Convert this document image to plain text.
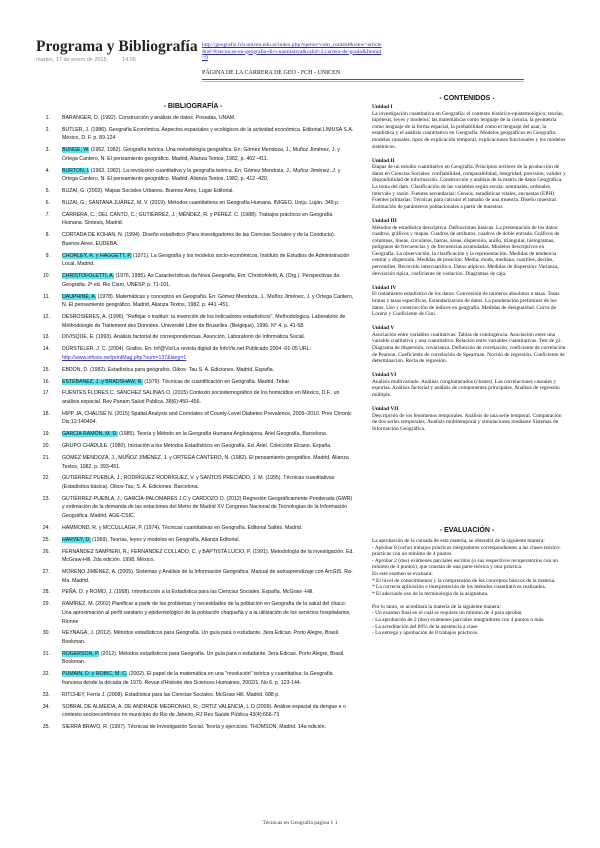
Programa y Bibliografía
martes, 17 de enero de 2015	14:05
http://geografia.fch.unicen.edu.ar/index.php?option=com_content&view=article&id=8:tecnicas-en-geografia-dir-cuantitativa&catid=2:carrera-de-grado&Itemid=9
PÁGINA DE LA CARRERA DE GEO - FCH - UNICEN
- BIBLIOGRAFÍA -
1. BARANGER, D. (1992). Construcción y análisis de datos. Posadas, UNAM.
2. BUTLER, J. (1986). Geografía Económica. Aspectos espaciales y ecológicos de la actividad económica. Editorial LIMUSA S.A. México, D. F. p. 89-124
3. BUNGE, W. (1962, 1982). Geografía teórica. Una metodología geográfica. En: Gómez Mendoza, J., Muñoz Jiménez, J. y Ortega Cantero, N. El pensamiento geográfico. Madrid, Alianza Textos, 1982, p. 402 -411.
4. BURTON, I. (1963, 1982). La revolución cuantitativa y la geografía teórica. En: Gómez Mendoza, J., Muñoz Jiménez, J. y Ortega Cantero, N. El pensamiento geográfico. Madrid, Alianza Textos, 1982, p. 412 -420.
5. BUZAI, G. (2003). Mapas Sociales Urbanos. Buenos Aires, Lugar Editorial.
6. BUZAI, G.; SANTANA JUÁREZ, M. V. (2019). Métodos cuantitativos en Geografía Humana. INIGEO. Uniju. Luján. 349 p.
7. CARRERA, C.; DEL CANTO, C.; GUTIÉRREZ, J.; MÉNDEZ, R. y PÉREZ, C. (1988). Trabajos prácticos en Geografía Humana. Síntesis, Madrid.
8. CORTADA DE KOHAN, N. (1994). Diseño estadístico (Para investigadores de las Ciencias Sociales y de la Conducta). Buenos Aires, EUDEBA.
9. CHORLEY, R. y HAGGETT, P. (1971). La Geografía y los modelos socio-económicos, Instituto de Estudios de Administración Local, Madrid.
10. CHRISTOFOLETTI, A. (1976, 1985). As Características da Nova Geografia, Em: Christofoletti, A. (Org.). Perspectivas da Geografia. 2ª ed. Rio Claro, UNESP. p. 71-101.
11. DAUPHINÉ, A. (1978). Matemáticas y conceptos en Geografía. En: Gómez Mendoza, J., Muñoz Jiménez, J. y Ortega Cantero, N. El pensamiento geográfico. Madrid, Alianza Textos, 1982, p. 441 -451.
12. DESROSIÈRES, A. (1996). "Refléjar o instituir: la invención de los indicadores estadísticos", Methodologica. Laboratoire de Méthodologie du Traitement des Données. Université Libre de Bruxelles. (Belgique), 1996. N° 4, p. 41-58.
13. DIVISQUE, E. (1993). Análisis factorial de correspondencias. Asunción, Laboratorio de Informática Social.
14. DÜRSTELER, J. C. (2004). Grafos. En: Inf@Vis!La revista digital de InfoVis.net Publicado 2004 -01-05 URL: http://www.infovis.net/printMag.php?num=137&lang=1
15. EBDON, D. (1982). Estadística para geógrafos. Oikos- Tau S. A. Ediciones. Madrid, España.
16. ESTÉBANEZ, J. y BRADSHAW, R. (1979). Técnicas de cuantificación en Geografía. Madrid, Tebar.
17. FUENTES FLORES C, SÁNCHEZ SALINAS O. (2015) Contexto sociodemográfico de los homicidios en México, D.F.: un análisis espacial. Rev Panam Salud Publica. 38(6):450–456.
18. HIPP JA, CHALISE N. (2015) Spatial Analysis and Correlates of County-Level Diabetes Prevalence, 2009–2010. Prev Chronic Dis;12:140404.
19. GARCÍA RAMÓN, M. D. (1985). Teoría y Método en la Geografía Humana Anglosajona. Ariel Geografía, Barcelona.
20. GRUPO CHADULE. (1980). Iniciación a los Métodos Estadísticos en Geografía. Ed. Ariel. Colección Elcano. España.
21. GÓMEZ MENDOZA, J., MUÑOZ JIMÉNEZ, J. y ORTEGA CANTERO, N. (1982). El pensamiento geográfico. Madrid, Alianza Textos, 1982, p. 393-451.
22. GUTIÉRREZ PUEBLA, J.; RODRÍGUEZ RODRÍGUEZ, V. y SANTOS PRECIADO, J. M. (1995). Técnicas cuantitativas (Estadística básica). Oikos-Tau, S. A. Ediciones. Barcelona.
23. GUTIÉRREZ-PUEBLA, J.; GARCÍA-PALOMARES J.C y CARDOZO O. (2012) Regresión Geográficamente Ponderada (GWR) y estimación de la demanda de las estaciones del Metro de Madrid XV Congreso Nacional de Tecnologías de la Información Geográfica. Madrid, AGE-CSIC.
24. HAMMOND, R. y MCCULLAGH, P. (1974). Técnicas cuantitativas en Geografía. Editorial Saltés. Madrid.
25. HARVEY, D. (1969). Teorías, leyes y modelos en Geografía, Alianza Editorial.
26. FERNÁNDEZ SAMPIERI, R.; FERNÁNDEZ COLLADO, C. y BAPTISTA LUCIO, P. (1991). Metodología de la investigación. Ed. McGraw-Hill, 2da edición. 1998. México.
27. MORENO JIMÉNEZ, A. (2005). Sistemas y Análisis de la Información Geográfica. Manual de autoaprendizaje con ArcGIS. Ra-Ma. Madrid.
28. PEÑA, D. y ROMO, J. (1998). Introducción a la Estadística para las Ciencias Sociales. España, McGraw -Hill.
29. RAMÍREZ, M. (2002) Planificar a partir de los problemas y necesidades de la población en Geografía de la salud del chaco: Una aproximación al perfil sanitario y epidemiológico de la población chaqueña y a la utilización de los servicios hospitalarios, Rionne
30. REYNAGA, J. (2012). Métodos estadísticos para Geografía. Un guía para o estudante. 3era Edicao. Porto Alegre, Brasil. Bookman.
31. ROGERSON, P. (2012). Métodos estadísticos para Geografía. Un guía para o estudante. 3era Edicao. Porto Alegre, Brasil. Bookman.
32. PUMAIN, D. y ROBIC, M. C. (2002). El papel de la matemática en una "revolución" teórica y cuantitativa: la Geografía francesa desde la década de 1970. Revue d'Histoire des Sciences Humaines, 2002/1, No 6. p. 123-144.
33. RITCHEY, Ferris J. (2008). Estadística para las Ciencias Sociales. McGraw Hill. Madrid. 688 p.
34. SOBRAL DE ALMEIDA, A. DE ANDRADE MEDRONHO, R., ORTIZ VALENCIA, L.O (2009). Análise espacial da dengue e o contexto socioeconômico no município do Rio de Janeiro, RJ Rev Saúde Pública 43(4):666-73
35. SIERRA BRAVO, R. (1997). Técnicas de Investigación Social. Teoría y ejercicios. THOMSON, Madrid. 14a edición.
- CONTENIDOS -
Unidad I
La investigación cuantitativa en Geografía: el contexto histórico-epistemológico; teorías, hipótesis, leyes y modelos; las matemáticas como lenguaje de la ciencia, la geometría como lenguaje de la forma espacial, la probabilidad como el lenguaje del azar, la estadística y el análisis cuantitativo en Geografía. Modelos geográficos en Geografía: modelos causales, tipos de explicación temporal, explicaciones funcionales y los modelos sistémicos.
Unidad II
Etapas de un estudio cuantitativo en Geografía. Principios rectores de la producción de datos en Ciencias Sociales: confiabilidad, comparabilidad, integridad, precisión, validez y disponibilidad de información. Construcción y análisis de la matriz de datos Geográfica. La toma del dato. Clasificación de las variables según escala: nominales, ordinales, intervalo y razón. Fuentes secundarias: Censos, estadísticas vitales, encuestas (EPH). Fuentes primarias: Técnicas para calcular el tamaño de una muestra. Diseño muestral. Estimación de parámetros poblacionales a partir de muestras
Unidad III
Métodos de estadística descriptiva. Definiciones básicas. La presentación de los datos: cuadros, gráficos y mapas. Cuadros de atributos, cuadros de doble entrada. Gráficos de columnas, líneas, circulares, barras, áreas, dispersión, anillo, triangular, histogramas, polígonos de frecuencias y de frecuencias acumuladas. Modelos descriptivos en Geografía. La observación, la clasificación y la representación. Medidas de tendencia central y dispersión. Medidas de posición: Media, moda, mediana, cuartiles, deciles, percentiles. Recorrido intercuartílico. Datos atípicos. Medidas de dispersión: Varianza, desviación típica, coeficiente de variación. Diagramas de caja.
Unidad IV
El tratamiento estadístico de los datos: Conversión de números absolutos a tasas. Tasas brutas y tasas específicas. Estandarización de datos. La ponderación preliminar de los datos. Uso y construcción de índices en geografía. Medidas de desigualdad. Curva de Lorenz y Coeficiente de Gini.
Unidad V
Asociación entre variables cualitativas: Tablas de contingencia. Asociación entre una variable cualitativa y una cuantitativa. Relación entre variables cuantitativas. Test de χ2. Diagrama de dispersión, covarianza. Definición de correlación, coeficiente de correlación de Pearson. Coeficiente de correlación de Spearman. Noción de regresión. Coeficiente de determinación. Recta de regresión.
Unidad VI
Análisis multivariado. Análisis conglomerados (cluster). Las correlaciones causales y espurias. Análisis factorial y análisis de componentes principales. Análisis de regresión múltiple.
Unidad VII
Descripción de los fenómenos temporales. Análisis de una serie temporal. Comparación de dos series temporales. Análisis multitemporal y simulaciones mediante Sistemas de Información Geográfica.
- EVALUACIÓN -

La aprobación de la cursada de esta materia, se obtendrá de la siguiente manera:

- Aprobar 8 (ocho) trabajos prácticos integradores correspondientes a las clases teórico-prácticas con un mínimo de 4 puntos.

- Aprobar 2 (dos) exámenes parciales escritos (o sus respectivos recuperatorios con un mínimo de 4 puntos), que constan de una parte teórica y otra práctica.

En este examen se evaluará:

* El nivel de conocimientos y la comprensión de los conceptos básicos de la materia.

* La correcta aplicación e interpretación de los métodos cuantitativos realizados.

* El adecuado uso de la terminología de la asignatura.

Por lo tanto, se acreditará la materia de la siguiente manera:

- Un examen final en el cual se requiere un mínimo de 4 para aprobar.

- La aprobación de 2 (dos) exámenes parciales integradores con 4 puntos o más.

- La acreditación del 80% de la asistencia a clase

- La entrega y aprobación de 8 trabajos prácticos.

Técnicas en Geografía página 1 1
